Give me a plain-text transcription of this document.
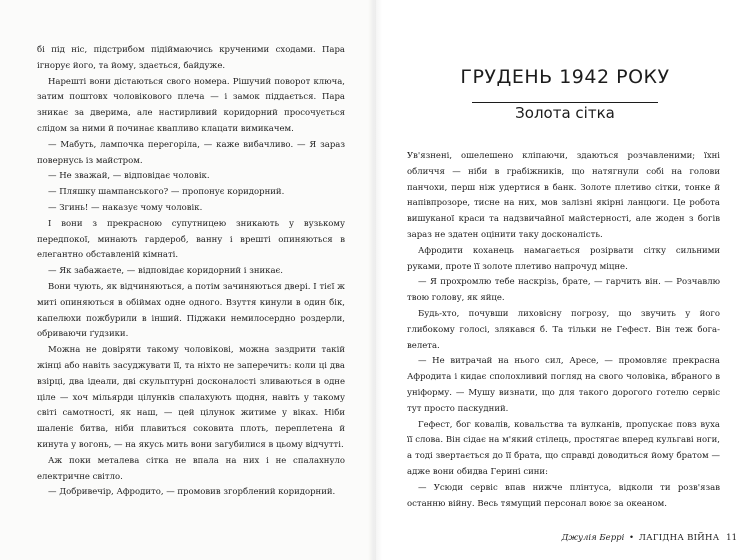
бі під ніс, підстрибом підіймаючись крученими сходами. Пара ігнорує його, та йому, здається, байдуже.

Нарешті вони дістаються свого номера. Рішучий поворот ключа, затим поштовх чоловікового плеча — і замок піддається. Пара зникає за дверима, але настирливий коридорний просочується слідом за ними й починає квапливо клацати вимикачем.

— Мабуть, лампочка перегоріла, — каже вибачливо. — Я зараз повернусь із майстром.

— Не зважай, — відповідає чоловік.

— Пляшку шампанського? — пропонує коридорний.

— Згинь! — наказує чому чоловік.

І вони з прекрасною супутницею зникають у вузькому передпокої, минають гардероб, ванну і врешті опиняються в елегантно обставленій кімнаті.

— Як забажаєте, — відповідає коридорний і зникає.

Вони чують, як відчиняються, а потім зачиняються двері. І тієї ж миті опиняються в обіймах одне одного. Взуття кинули в один бік, капелюхи пожбурили в інший. Піджаки немилосердно роздерли, обриваючи ґудзики.

Можна не довіряти такому чоловікові, можна заздрити такій жінці або навіть засуджувати її, та ніхто не заперечить: коли ці два взірці, два ідеали, дві скульптурні досконалості зливаються в одне ціле — хоч мільярди цілунків спалахують щодня, навіть у такому світі самотності, як наш, — цей цілунок житиме у віках. Ніби шаленіє битва, ніби плавиться соковита плоть, переплетена й кинута у вогонь, — на якусь мить вони загубилися в цьому відчутті.

Аж поки металева сітка не впала на них і не спалахнуло електричне світло.

— Добривечір, Афродито, — промовив згорблений коридорний.

ГРУДЕНЬ 1942 РОКУ
Золота сітка

Ув'язнені, ошелешено кліпаючи, здаються розчавленими; їхні обличчя — ніби в грабіжників, що натягнули собі на голови панчохи, перш ніж удертися в банк. Золоте плетиво сітки, тонке й напівпрозоре, тисне на них, мов залізні якірні ланцюги. Це робота вишуканої краси та надзвичайної майстерності, але жоден з богів зараз не здатен оцінити таку досконалість.

Афродити коханець намагається розірвати сітку сильними руками, проте її золоте плетиво напрочуд міцне.

— Я прохромлю тебе наскрізь, брате, — гарчить він. — Розчавлю твою голову, як яйце.

Будь-хто, почувши лиховісну погрозу, що звучить у його глибокому голосі, злякався б. Та тільки не Гефест. Він теж бога-велета.

— Не витрачай на нього сил, Аресе, — промовляє прекрасна Афродита і кидає сполохливий погляд на свого чоловіка, вбраного в уніформу. — Мушу визнати, що для такого дорогого готелю сервіс тут просто паскудний.

Гефест, бог ковалів, ковальства та вулканів, пропускає повз вуха її слова. Він сідає на м'який стілець, простягає вперед кульгаві ноги, а тоді звертається до її брата, що справді доводиться йому братом — адже вони обидва Герині сини:

— Усюди сервіс впав нижче плінтуса, відколи ти розв'язав останню війну. Весь тямущий персонал воює за океаном.

Джулія Беррі • ЛАГІДНА ВІЙНА 11
